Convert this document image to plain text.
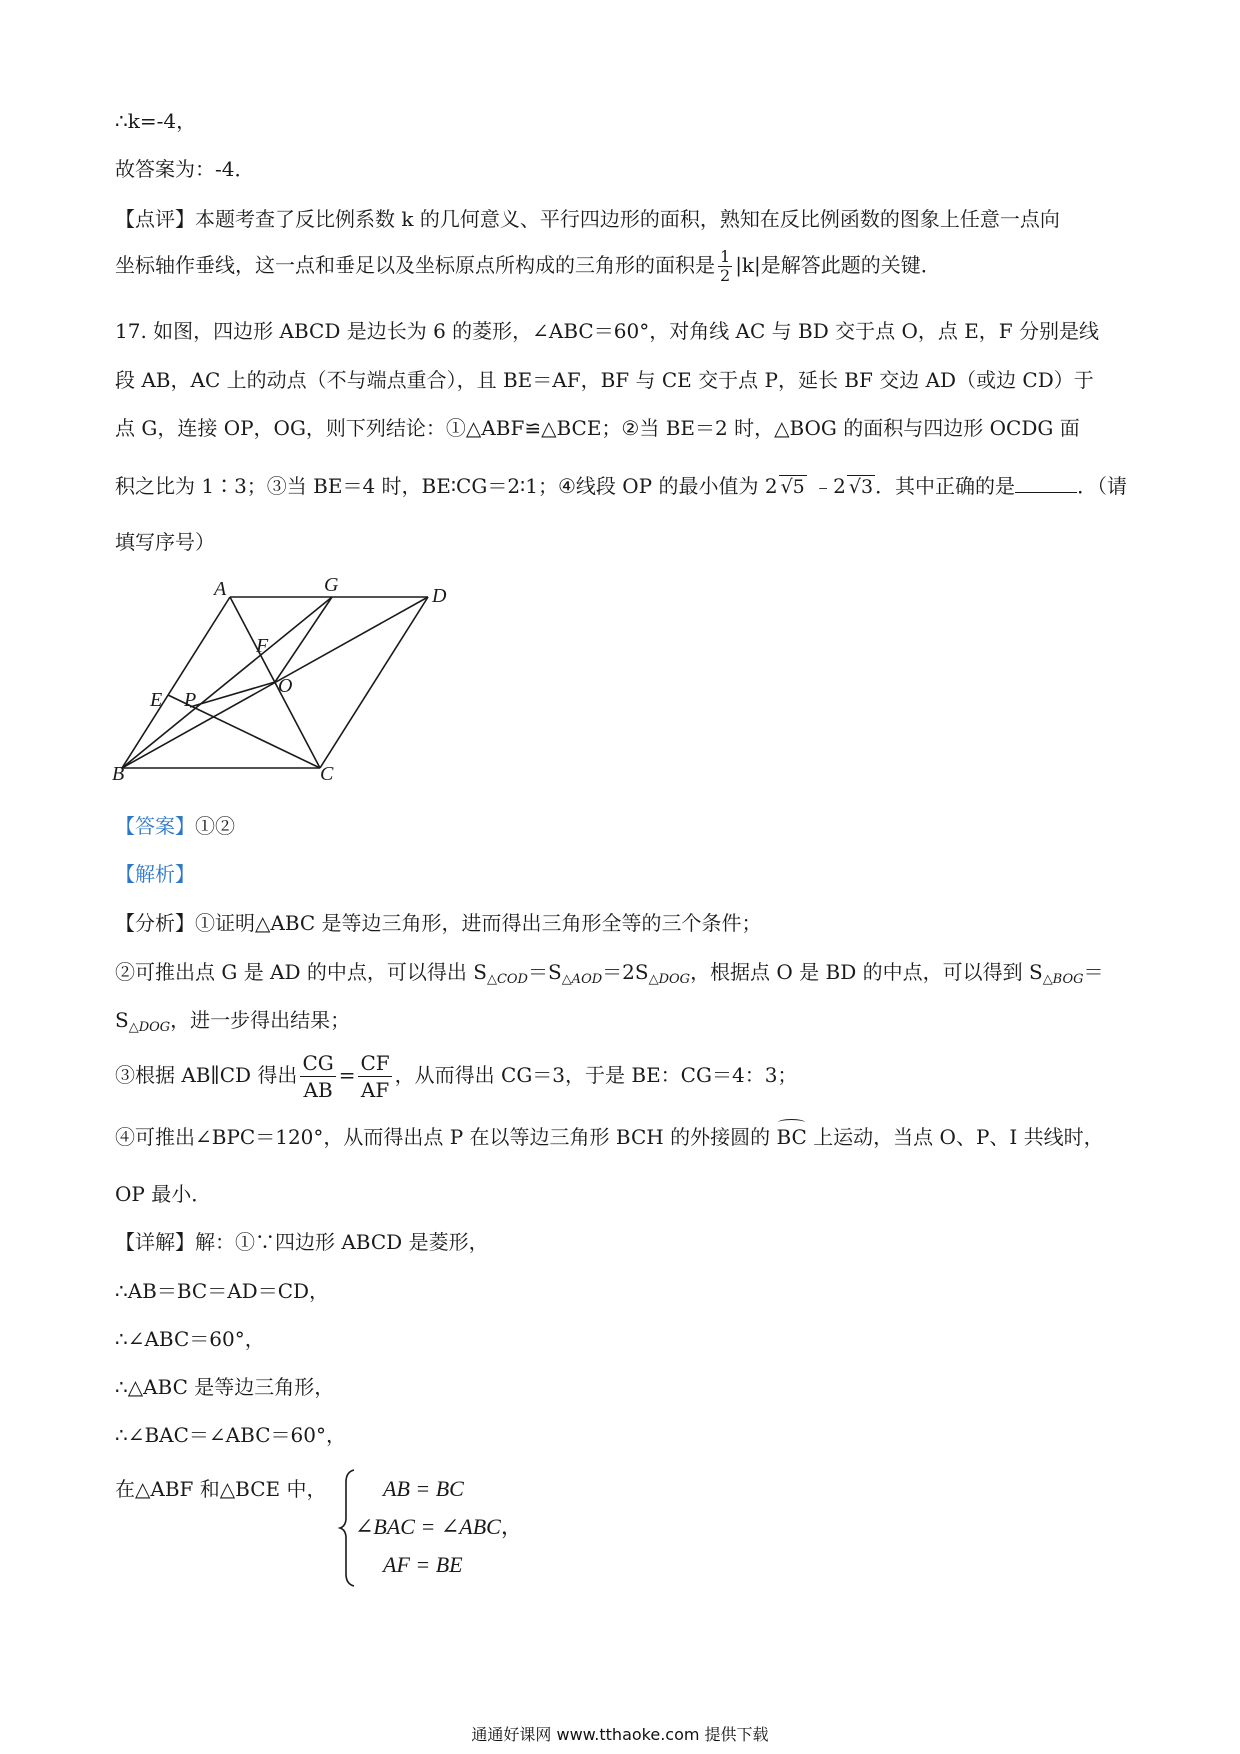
∴k=-4，
故答案为：-4．
【点评】本题考查了反比例系数 k 的几何意义、平行四边形的面积，熟知在反比例函数的图象上任意一点向
坐标轴作垂线，这一点和垂足以及坐标原点所构成的三角形的面积是 $\frac{1}{2} |k|$是解答此题的关键．
17. 如图，四边形 ABCD 是边长为 6 的菱形，∠ABC＝60°，对角线 AC 与 BD 交于点 O，点 E，F 分别是线
段 AB，AC 上的动点（不与端点重合），且 BE＝AF，BF 与 CE 交于点 P，延长 BF 交边 AD（或边 CD）于
点 G，连接 OP，OG，则下列结论：①△ABF≌△BCE；②当 BE＝2 时，△BOG 的面积与四边形 OCDG 面
积之比为 1∶3；③当 BE＝4 时，BE∶CG＝2∶1；④线段 OP 的最小值为 2 √5 ﹣2 √3 ．其中正确的是	．（请
填写序号）
A	G	D
F
O
E P
B	C
【答案】①②
【解析】
【分析】①证明△ABC 是等边三角形，进而得出三角形全等的三个条件；
②可推出点 G 是 AD 的中点，可以得出 $S_{\triangle COD}=S_{\triangle AOD}=2S_{\triangle DOG}$，根据点 O 是 BD 的中点，可以得到 $S_{\triangle BOG}=$
$S_{\triangle DOG}$，进一步得出结果；
③根据 AB∥CD 得出 $\frac{CG}{AB} = \frac{CF}{AF}$ ，从而得出 CG＝3，于是 BE：CG＝4：3；
④可推出∠BPC＝120°，从而得出点 P 在以等边三角形 BCH 的外接圆的 BC 上运动，当点 O、P、I 共线时，
OP 最小．
【详解】解：①∵四边形 ABCD 是菱形，
∴AB＝BC＝AD＝CD，
∴∠ABC＝60°，
∴△ABC 是等边三角形，
∴∠BAC＝∠ABC＝60°，
在△ABF 和△BCE 中，	AB = BC
∠BAC = ∠ABC，
AF = BE
通通好课网 www.tthaoke.com 提供下载
